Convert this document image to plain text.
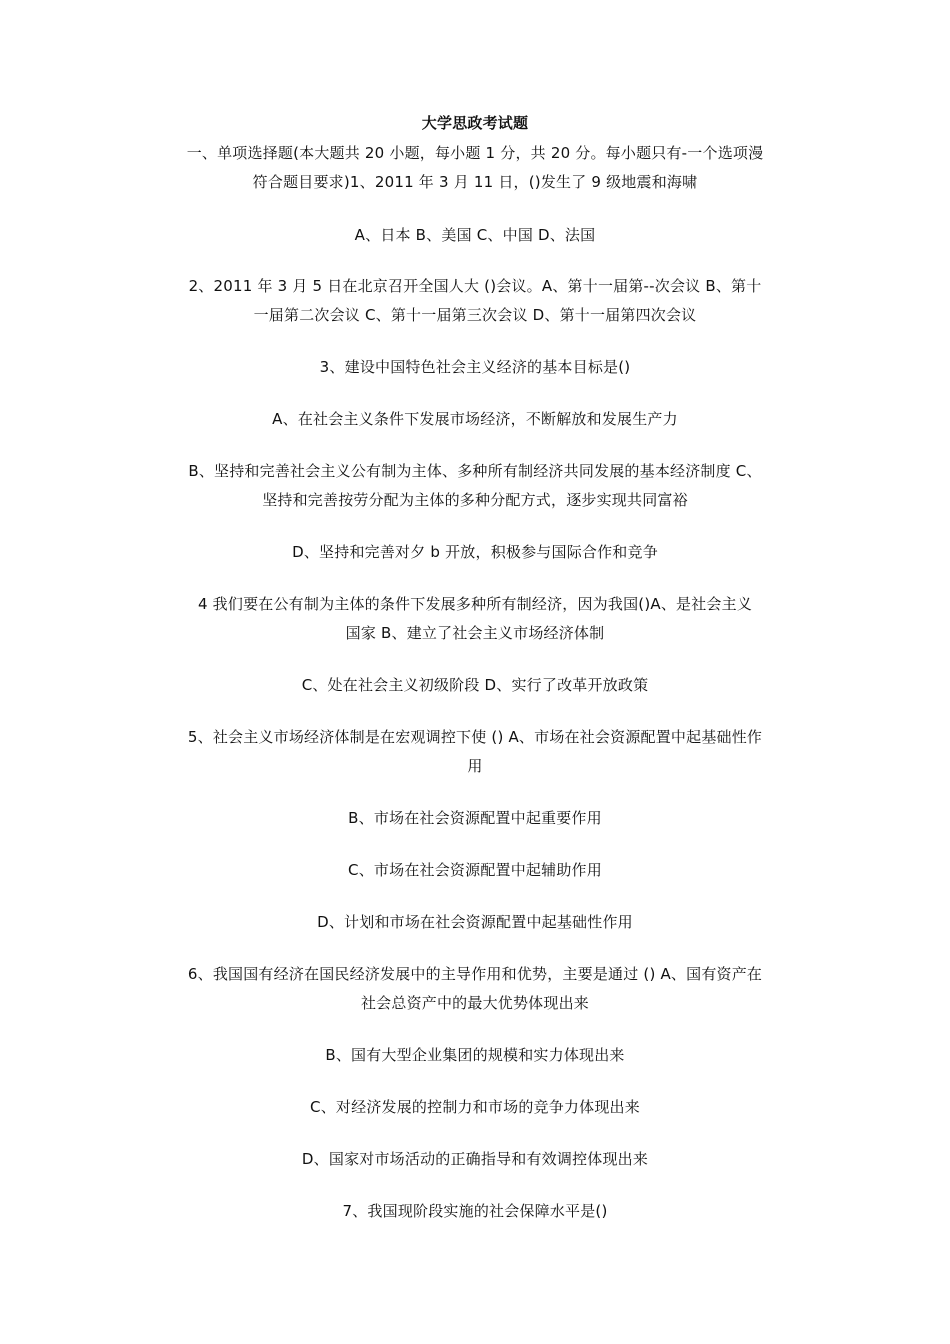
大学思政考试题
一、单项选择题(本大题共 20 小题，每小题 1 分，共 20 分。每小题只有-一个选项漫
符合题目要求)1、2011 年 3 月 11 日，()发生了 9 级地震和海啸
A、日本 B、美国 C、中国 D、法国
2、2011 年 3 月 5 日在北京召开全国人大 ()会议。A、第十一届第--次会议 B、第十
一届第二次会议 C、第十一届第三次会议 D、第十一届第四次会议
3、建设中国特色社会主义经济的基本目标是()
A、在社会主义条件下发展市场经济，不断解放和发展生产力
B、坚持和完善社会主义公有制为主体、多种所有制经济共同发展的基本经济制度 C、
坚持和完善按劳分配为主体的多种分配方式，逐步实现共同富裕
D、坚持和完善对夕 b 开放，积极参与国际合作和竞争
4 我们要在公有制为主体的条件下发展多种所有制经济，因为我国()A、是社会主义
国家 B、建立了社会主义市场经济体制
C、处在社会主义初级阶段 D、实行了改革开放政策
5、社会主义市场经济体制是在宏观调控下使 () A、市场在社会资源配置中起基础性作
用
B、市场在社会资源配置中起重要作用
C、市场在社会资源配置中起辅助作用
D、计划和市场在社会资源配置中起基础性作用
6、我国国有经济在国民经济发展中的主导作用和优势，主要是通过 () A、国有资产在
社会总资产中的最大优势体现出来
B、国有大型企业集团的规模和实力体现出来
C、对经济发展的控制力和市场的竞争力体现出来
D、国家对市场活动的正确指导和有效调控体现出来
7、我国现阶段实施的社会保障水平是()
